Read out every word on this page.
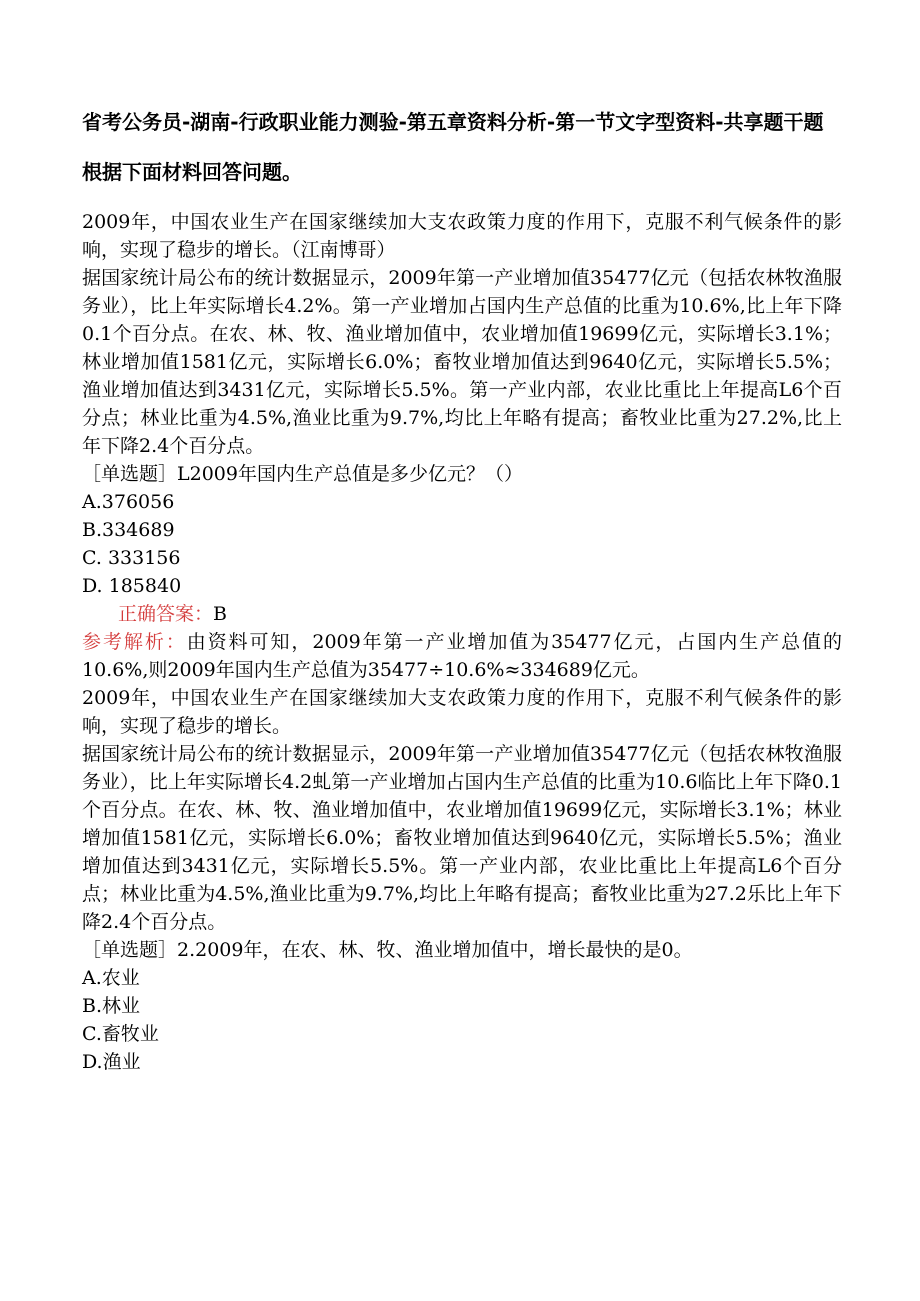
省考公务员-湖南-行政职业能力测验-第五章资料分析-第一节文字型资料-共享题干题

根据下面材料回答问题。

2009年，中国农业生产在国家继续加大支农政策力度的作用下，克服不利气候条件的影响，实现了稳步的增长。（江南博哥）

据国家统计局公布的统计数据显示，2009年第一产业增加值35477亿元（包括农林牧渔服务业），比上年实际增长4.2%。第一产业增加占国内生产总值的比重为10.6%,比上年下降0.1个百分点。在农、林、牧、渔业增加值中，农业增加值19699亿元，实际增长3.1%；林业增加值1581亿元，实际增长6.0%；畜牧业增加值达到9640亿元，实际增长5.5%；渔业增加值达到3431亿元，实际增长5.5%。第一产业内部，农业比重比上年提高L6个百分点；林业比重为4.5%,渔业比重为9.7%,均比上年略有提高；畜牧业比重为27.2%,比上年下降2.4个百分点。

［单选题］L2009年国内生产总值是多少亿元？（）

A.376056
B.334689
C. 333156
D. 185840

正确答案：B

参考解析：由资料可知，2009年第一产业增加值为35477亿元，占国内生产总值的10.6%,则2009年国内生产总值为35477÷10.6%≈334689亿元。

2009年，中国农业生产在国家继续加大支农政策力度的作用下，克服不利气候条件的影响，实现了稳步的增长。

据国家统计局公布的统计数据显示，2009年第一产业增加值35477亿元（包括农林牧渔服务业），比上年实际增长4.2虬第一产业增加占国内生产总值的比重为10.6临比上年下降0.1个百分点。在农、林、牧、渔业增加值中，农业增加值19699亿元，实际增长3.1%；林业增加值1581亿元，实际增长6.0%；畜牧业增加值达到9640亿元，实际增长5.5%；渔业增加值达到3431亿元，实际增长5.5%。第一产业内部，农业比重比上年提高L6个百分点；林业比重为4.5%,渔业比重为9.7%,均比上年略有提高；畜牧业比重为27.2乐比上年下降2.4个百分点。

［单选题］2.2009年，在农、林、牧、渔业增加值中，增长最快的是0。

A.农业
B.林业
C.畜牧业
D.渔业
